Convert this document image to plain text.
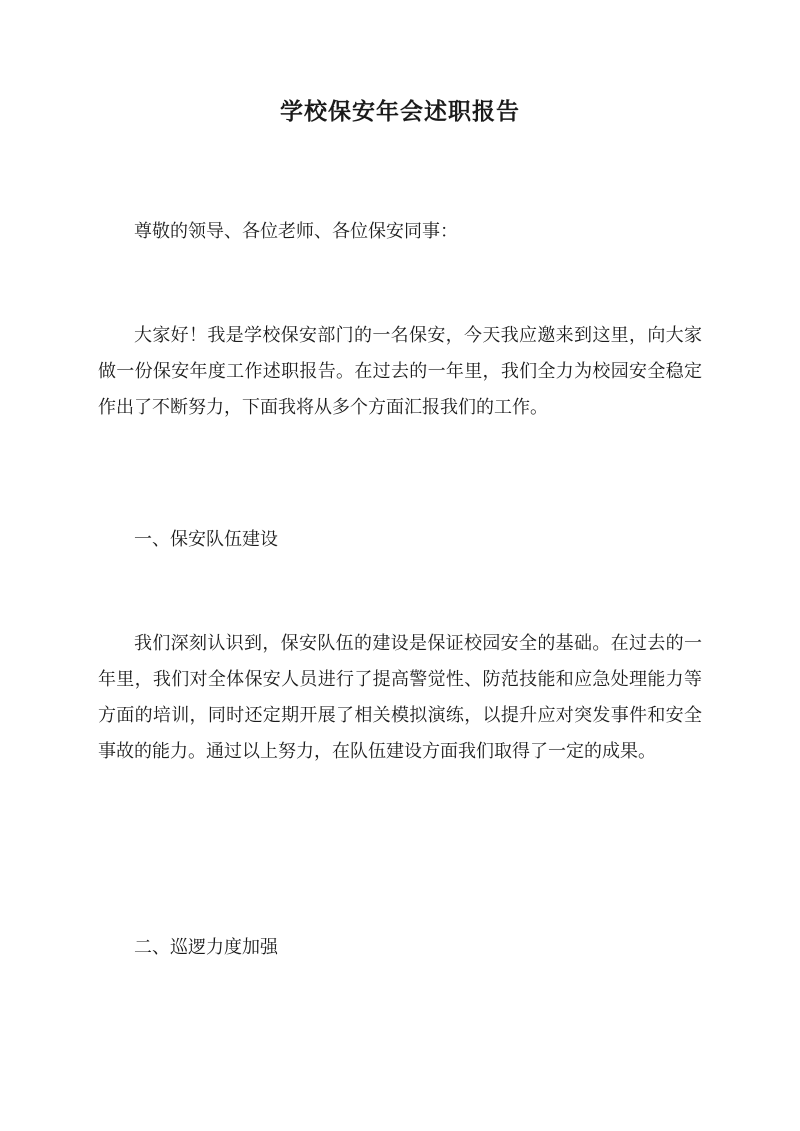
学校保安年会述职报告

尊敬的领导、各位老师、各位保安同事：

大家好！我是学校保安部门的一名保安，今天我应邀来到这里，向大家做一份保安年度工作述职报告。在过去的一年里，我们全力为校园安全稳定作出了不断努力，下面我将从多个方面汇报我们的工作。

一、保安队伍建设

我们深刻认识到，保安队伍的建设是保证校园安全的基础。在过去的一年里，我们对全体保安人员进行了提高警觉性、防范技能和应急处理能力等方面的培训，同时还定期开展了相关模拟演练，以提升应对突发事件和安全事故的能力。通过以上努力，在队伍建设方面我们取得了一定的成果。

二、巡逻力度加强
